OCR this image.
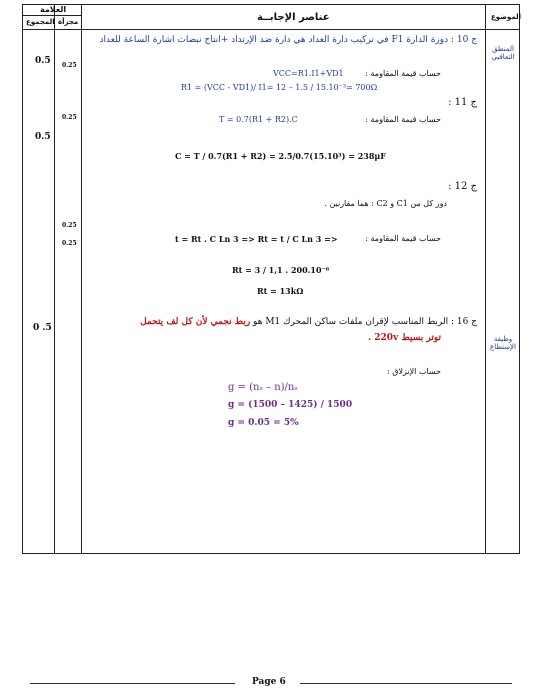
العلامة
المجموع مجزأة	عناصر الإجابــة	الموضوع
المنطق التعاقبي
وظيفة الإستطاع
0.5 0.25
0.25
0.5
0.25
0.25
0 .5
ج 10 : دورة الدارة F1 في تركيب دارة العداد هي دارة ضد الإرتداد +انتاج نبضات اشارة الساعة للعداد
حساب قيمة المقاومة :
VCC=R1.I1+VD1
R1 = (VCC - VD1)/ I1= 12 – 1.5 / 15.10⁻³= 700Ω
ج 11 :
حساب قيمة المقاومة :
T = 0.7(R1 + R2).C
C = T / 0.7(R1 + R2) = 2.5/0.7(15.10³) = 238μF
ج 12 :
دور كل من C1 و C2 : هما مقارنين .
حساب قيمة المقاومة :
t = Rt . C Ln 3 => Rt = t / C Ln 3 =>
Rt = 3 / 1,1 . 200.10⁻⁶
Rt = 13kΩ
ج 16 : الربط المناسب لإقران ملفات ساكن المحرك M1 هو ربط نجمي لأن كل لف يتحمل
توتر بسيط 220v .
حساب الإنزلاق :
g = (nₛ – n)/nₛ
g = (1500 – 1425) / 1500
g = 0.05 = 5%
Page 6
